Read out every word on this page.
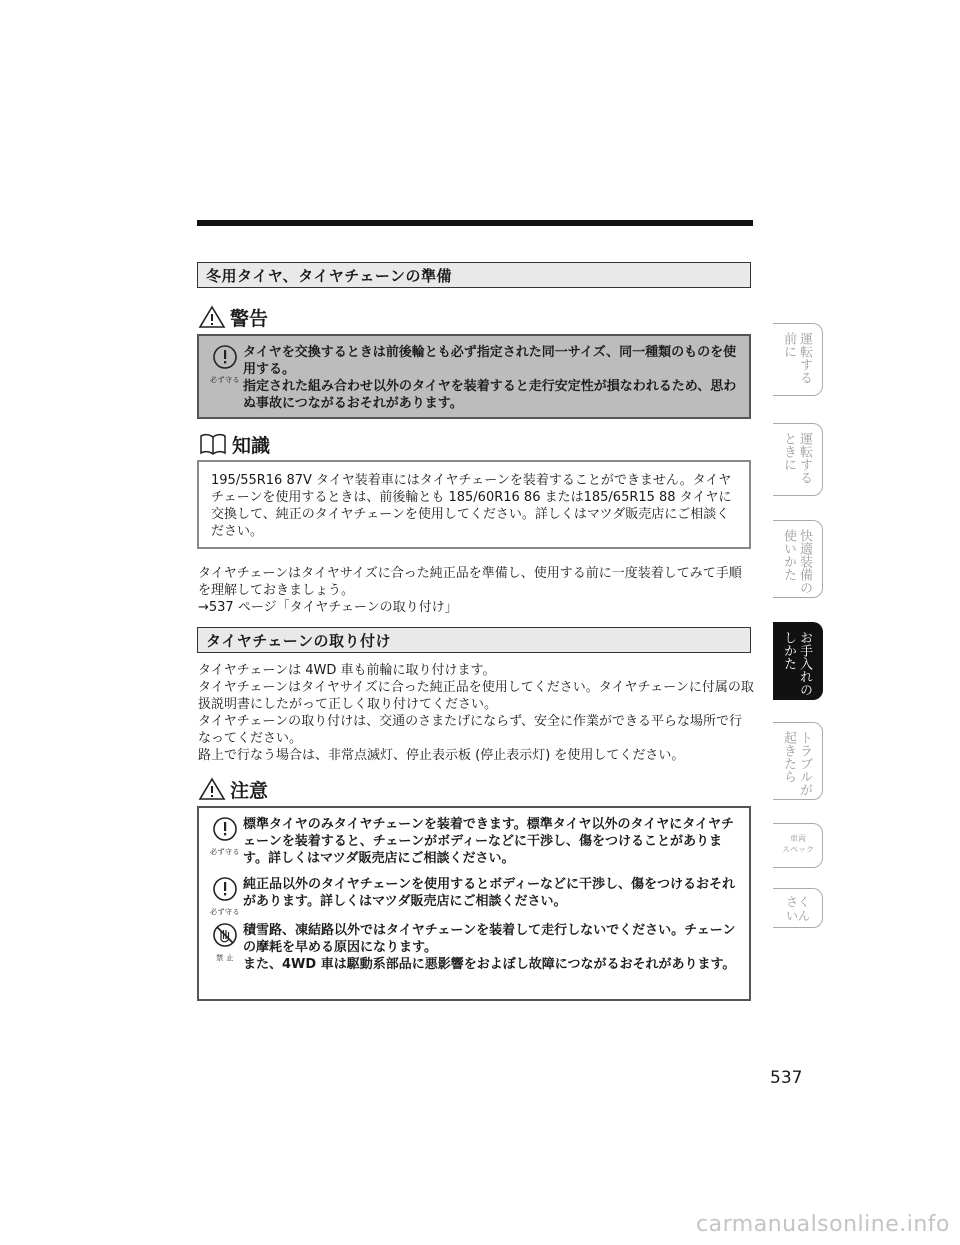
冬用タイヤ、タイヤチェーンの準備
警告
必ず守る
タイヤを交換するときは前後輪とも必ず指定された同一サイズ、同一種類のものを使用する。
指定された組み合わせ以外のタイヤを装着すると走行安定性が損なわれるため、思わぬ事故につながるおそれがあります。
知識
195/55R16 87V タイヤ装着車にはタイヤチェーンを装着することができません。タイヤチェーンを使用するときは、前後輪とも 185/60R16 86 または185/65R15 88 タイヤに交換して、純正のタイヤチェーンを使用してください。詳しくはマツダ販売店にご相談ください。
タイヤチェーンはタイヤサイズに合った純正品を準備し、使用する前に一度装着してみて手順を理解しておきましょう。
→537 ページ「タイヤチェーンの取り付け」
タイヤチェーンの取り付け
タイヤチェーンは 4WD 車も前輪に取り付けます。
タイヤチェーンはタイヤサイズに合った純正品を使用してください。タイヤチェーンに付属の取扱説明書にしたがって正しく取り付けてください。
タイヤチェーンの取り付けは、交通のさまたげにならず、安全に作業ができる平らな場所で行なってください。
路上で行なう場合は、非常点滅灯、停止表示板 (停止表示灯) を使用してください。
注意
必ず守る
標準タイヤのみタイヤチェーンを装着できます。標準タイヤ以外のタイヤにタイヤチェーンを装着すると、チェーンがボディーなどに干渉し、傷をつけることがあります。詳しくはマツダ販売店にご相談ください。
必ず守る
純正品以外のタイヤチェーンを使用するとボディーなどに干渉し、傷をつけるおそれがあります。詳しくはマツダ販売店にご相談ください。
禁 止
積雪路、凍結路以外ではタイヤチェーンを装着して走行しないでください。チェーンの摩耗を早める原因になります。
また、4WD 車は駆動系部品に悪影響をおよぼし故障につながるおそれがあります。
運転する
前に
運転する
ときに
快適装備の
使いかた
お手入れの
しかた
トラブルが
起きたら
車両
スペック
さく
いん
537
carmanualsonline.info
